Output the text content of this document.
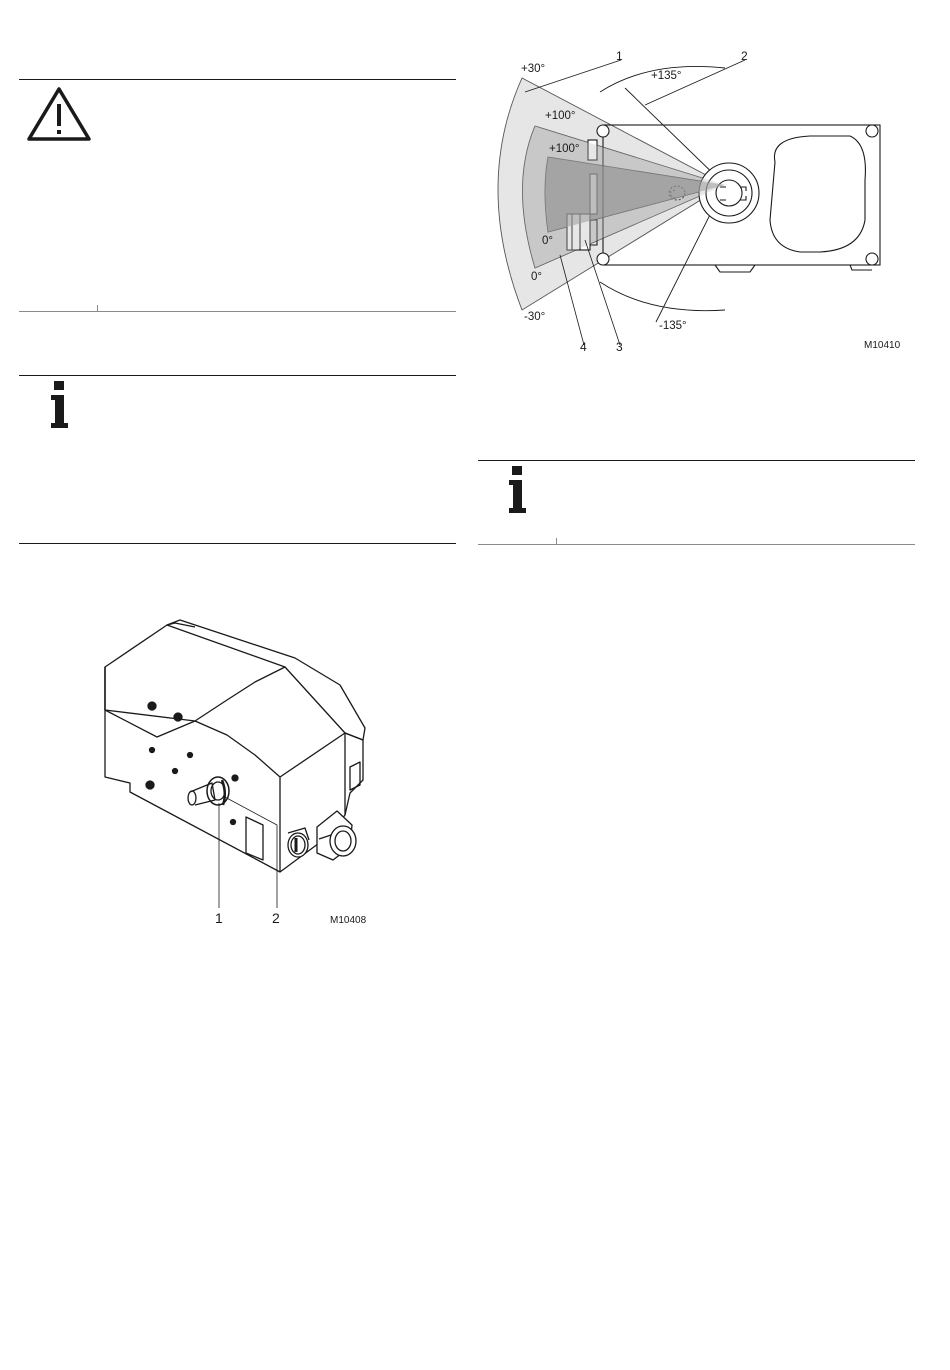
1	2	M10408
1	2
3
4
+30°
+135°
+100°
+100°
0°
0°
-30°
-135°
M10410
